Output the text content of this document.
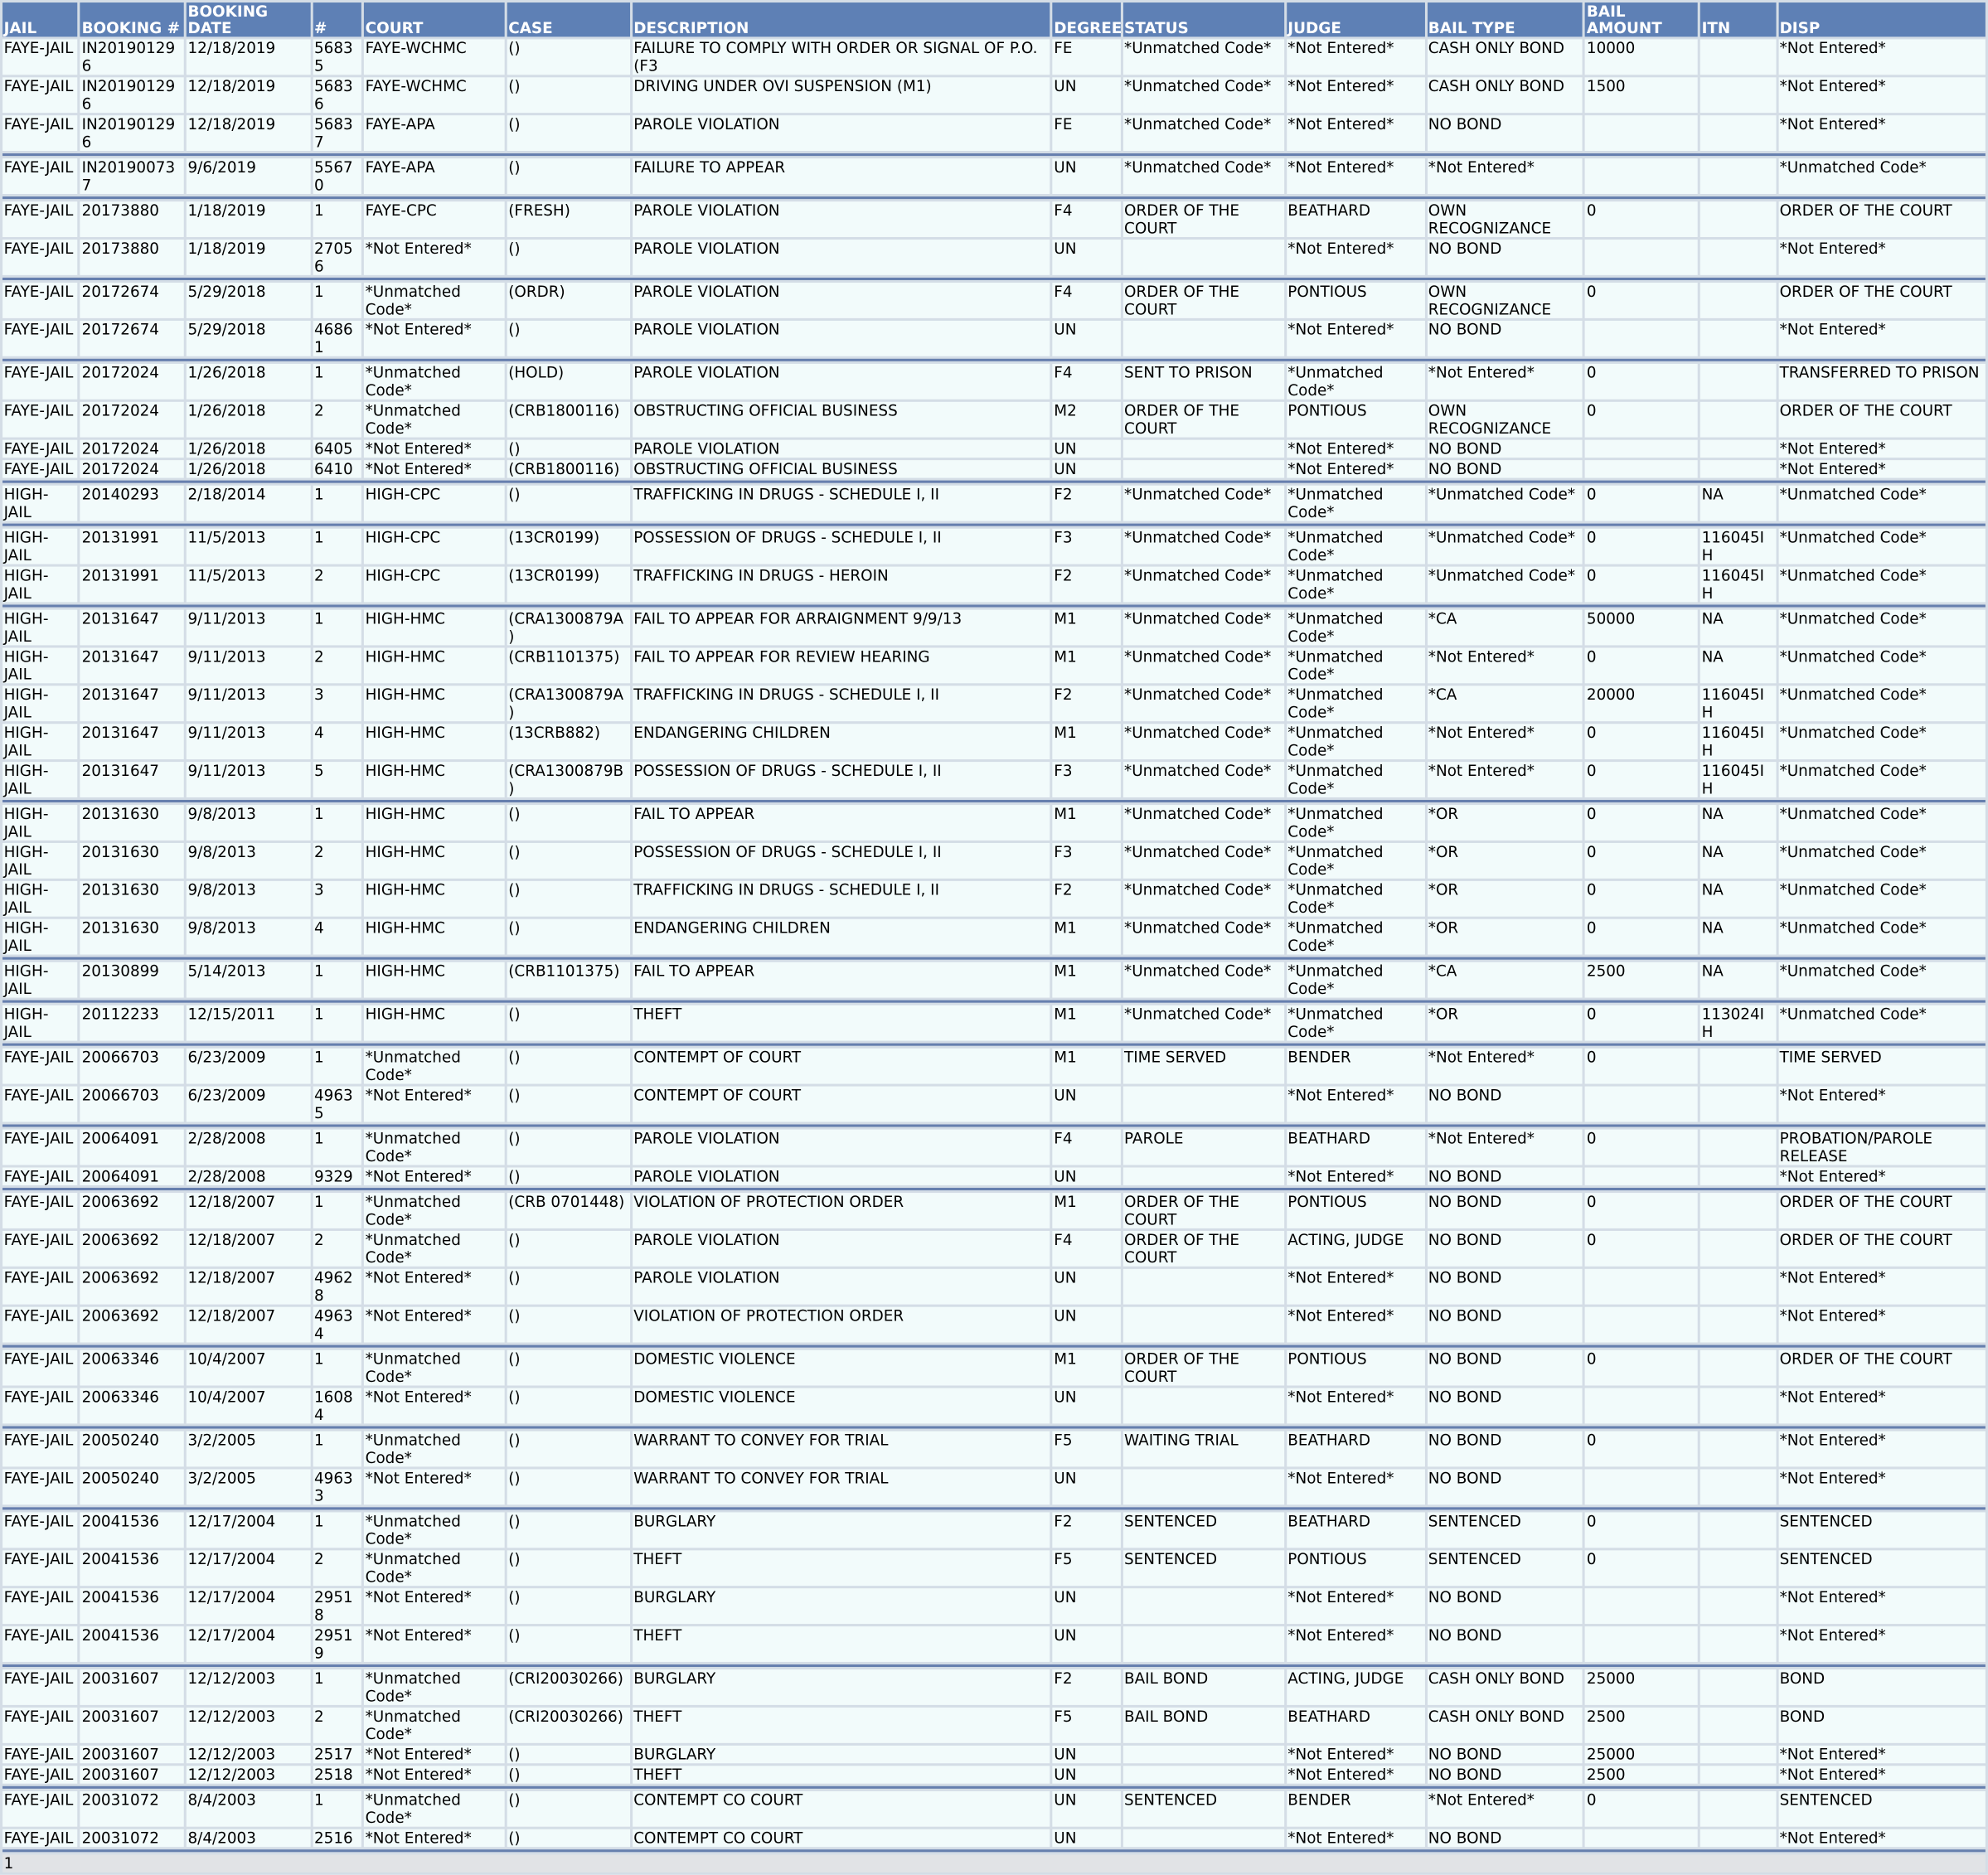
JAIL	BOOKING #	BOOKING DATE	#	COURT	CASE	DESCRIPTION	DEGREE	STATUS	JUDGE	BAIL TYPE	BAIL AMOUNT	ITN	DISP
FAYE-JAIL	IN201901296	12/18/2019	56835	FAYE-WCHMC	()	FAILURE TO COMPLY WITH ORDER OR SIGNAL OF P.O. (F3	FE	*Unmatched Code*	*Not Entered*	CASH ONLY BOND	10000		*Not Entered*
FAYE-JAIL	IN201901296	12/18/2019	56836	FAYE-WCHMC	()	DRIVING UNDER OVI SUSPENSION (M1)	UN	*Unmatched Code*	*Not Entered*	CASH ONLY BOND	1500		*Not Entered*
FAYE-JAIL	IN201901296	12/18/2019	56837	FAYE-APA	()	PAROLE VIOLATION	FE	*Unmatched Code*	*Not Entered*	NO BOND			*Not Entered*

FAYE-JAIL	IN201900737	9/6/2019	55670	FAYE-APA	()	FAILURE TO APPEAR	UN	*Unmatched Code*	*Not Entered*	*Not Entered*			*Unmatched Code*

FAYE-JAIL	20173880	1/18/2019	1	FAYE-CPC	(FRESH)	PAROLE VIOLATION	F4	ORDER OF THE COURT	BEATHARD	OWN RECOGNIZANCE	0		ORDER OF THE COURT
FAYE-JAIL	20173880	1/18/2019	27056	*Not Entered*	()	PAROLE VIOLATION	UN		*Not Entered*	NO BOND			*Not Entered*

FAYE-JAIL	20172674	5/29/2018	1	*Unmatched Code*	(ORDR)	PAROLE VIOLATION	F4	ORDER OF THE COURT	PONTIOUS	OWN RECOGNIZANCE	0		ORDER OF THE COURT
FAYE-JAIL	20172674	5/29/2018	46861	*Not Entered*	()	PAROLE VIOLATION	UN		*Not Entered*	NO BOND			*Not Entered*

FAYE-JAIL	20172024	1/26/2018	1	*Unmatched Code*	(HOLD)	PAROLE VIOLATION	F4	SENT TO PRISON	*Unmatched Code*	*Not Entered*	0		TRANSFERRED TO PRISON
FAYE-JAIL	20172024	1/26/2018	2	*Unmatched Code*	(CRB1800116)	OBSTRUCTING OFFICIAL BUSINESS	M2	ORDER OF THE COURT	PONTIOUS	OWN RECOGNIZANCE	0		ORDER OF THE COURT
FAYE-JAIL	20172024	1/26/2018	6405	*Not Entered*	()	PAROLE VIOLATION	UN		*Not Entered*	NO BOND			*Not Entered*
FAYE-JAIL	20172024	1/26/2018	6410	*Not Entered*	(CRB1800116)	OBSTRUCTING OFFICIAL BUSINESS	UN		*Not Entered*	NO BOND			*Not Entered*

HIGH-JAIL	20140293	2/18/2014	1	HIGH-CPC	()	TRAFFICKING IN DRUGS - SCHEDULE I, II	F2	*Unmatched Code*	*Unmatched Code*	*Unmatched Code*	0	NA	*Unmatched Code*

HIGH-JAIL	20131991	11/5/2013	1	HIGH-CPC	(13CR0199)	POSSESSION OF DRUGS - SCHEDULE I, II	F3	*Unmatched Code*	*Unmatched Code*	*Unmatched Code*	0	116045IH	*Unmatched Code*
HIGH-JAIL	20131991	11/5/2013	2	HIGH-CPC	(13CR0199)	TRAFFICKING IN DRUGS - HEROIN	F2	*Unmatched Code*	*Unmatched Code*	*Unmatched Code*	0	116045IH	*Unmatched Code*

HIGH-JAIL	20131647	9/11/2013	1	HIGH-HMC	(CRA1300879A)	FAIL TO APPEAR FOR ARRAIGNMENT 9/9/13	M1	*Unmatched Code*	*Unmatched Code*	*CA	50000	NA	*Unmatched Code*
HIGH-JAIL	20131647	9/11/2013	2	HIGH-HMC	(CRB1101375)	FAIL TO APPEAR FOR REVIEW HEARING	M1	*Unmatched Code*	*Unmatched Code*	*Not Entered*	0	NA	*Unmatched Code*
HIGH-JAIL	20131647	9/11/2013	3	HIGH-HMC	(CRA1300879A)	TRAFFICKING IN DRUGS - SCHEDULE I, II	F2	*Unmatched Code*	*Unmatched Code*	*CA	20000	116045IH	*Unmatched Code*
HIGH-JAIL	20131647	9/11/2013	4	HIGH-HMC	(13CRB882)	ENDANGERING CHILDREN	M1	*Unmatched Code*	*Unmatched Code*	*Not Entered*	0	116045IH	*Unmatched Code*
HIGH-JAIL	20131647	9/11/2013	5	HIGH-HMC	(CRA1300879B)	POSSESSION OF DRUGS - SCHEDULE I, II	F3	*Unmatched Code*	*Unmatched Code*	*Not Entered*	0	116045IH	*Unmatched Code*

HIGH-JAIL	20131630	9/8/2013	1	HIGH-HMC	()	FAIL TO APPEAR	M1	*Unmatched Code*	*Unmatched Code*	*OR	0	NA	*Unmatched Code*
HIGH-JAIL	20131630	9/8/2013	2	HIGH-HMC	()	POSSESSION OF DRUGS - SCHEDULE I, II	F3	*Unmatched Code*	*Unmatched Code*	*OR	0	NA	*Unmatched Code*
HIGH-JAIL	20131630	9/8/2013	3	HIGH-HMC	()	TRAFFICKING IN DRUGS - SCHEDULE I, II	F2	*Unmatched Code*	*Unmatched Code*	*OR	0	NA	*Unmatched Code*
HIGH-JAIL	20131630	9/8/2013	4	HIGH-HMC	()	ENDANGERING CHILDREN	M1	*Unmatched Code*	*Unmatched Code*	*OR	0	NA	*Unmatched Code*

HIGH-JAIL	20130899	5/14/2013	1	HIGH-HMC	(CRB1101375)	FAIL TO APPEAR	M1	*Unmatched Code*	*Unmatched Code*	*CA	2500	NA	*Unmatched Code*

HIGH-JAIL	20112233	12/15/2011	1	HIGH-HMC	()	THEFT	M1	*Unmatched Code*	*Unmatched Code*	*OR	0	113024IH	*Unmatched Code*

FAYE-JAIL	20066703	6/23/2009	1	*Unmatched Code*	()	CONTEMPT OF COURT	M1	TIME SERVED	BENDER	*Not Entered*	0		TIME SERVED
FAYE-JAIL	20066703	6/23/2009	49635	*Not Entered*	()	CONTEMPT OF COURT	UN		*Not Entered*	NO BOND			*Not Entered*

FAYE-JAIL	20064091	2/28/2008	1	*Unmatched Code*	()	PAROLE VIOLATION	F4	PAROLE	BEATHARD	*Not Entered*	0		PROBATION/PAROLE RELEASE
FAYE-JAIL	20064091	2/28/2008	9329	*Not Entered*	()	PAROLE VIOLATION	UN		*Not Entered*	NO BOND			*Not Entered*

FAYE-JAIL	20063692	12/18/2007	1	*Unmatched Code*	(CRB 0701448)	VIOLATION OF PROTECTION ORDER	M1	ORDER OF THE COURT	PONTIOUS	NO BOND	0		ORDER OF THE COURT
FAYE-JAIL	20063692	12/18/2007	2	*Unmatched Code*	()	PAROLE VIOLATION	F4	ORDER OF THE COURT	ACTING, JUDGE	NO BOND	0		ORDER OF THE COURT
FAYE-JAIL	20063692	12/18/2007	49628	*Not Entered*	()	PAROLE VIOLATION	UN		*Not Entered*	NO BOND			*Not Entered*
FAYE-JAIL	20063692	12/18/2007	49634	*Not Entered*	()	VIOLATION OF PROTECTION ORDER	UN		*Not Entered*	NO BOND			*Not Entered*

FAYE-JAIL	20063346	10/4/2007	1	*Unmatched Code*	()	DOMESTIC VIOLENCE	M1	ORDER OF THE COURT	PONTIOUS	NO BOND	0		ORDER OF THE COURT
FAYE-JAIL	20063346	10/4/2007	16084	*Not Entered*	()	DOMESTIC VIOLENCE	UN		*Not Entered*	NO BOND			*Not Entered*

FAYE-JAIL	20050240	3/2/2005	1	*Unmatched Code*	()	WARRANT TO CONVEY FOR TRIAL	F5	WAITING TRIAL	BEATHARD	NO BOND	0		*Not Entered*
FAYE-JAIL	20050240	3/2/2005	49633	*Not Entered*	()	WARRANT TO CONVEY FOR TRIAL	UN		*Not Entered*	NO BOND			*Not Entered*

FAYE-JAIL	20041536	12/17/2004	1	*Unmatched Code*	()	BURGLARY	F2	SENTENCED	BEATHARD	SENTENCED	0		SENTENCED
FAYE-JAIL	20041536	12/17/2004	2	*Unmatched Code*	()	THEFT	F5	SENTENCED	PONTIOUS	SENTENCED	0		SENTENCED
FAYE-JAIL	20041536	12/17/2004	29518	*Not Entered*	()	BURGLARY	UN		*Not Entered*	NO BOND			*Not Entered*
FAYE-JAIL	20041536	12/17/2004	29519	*Not Entered*	()	THEFT	UN		*Not Entered*	NO BOND			*Not Entered*

FAYE-JAIL	20031607	12/12/2003	1	*Unmatched Code*	(CRI20030266)	BURGLARY	F2	BAIL BOND	ACTING, JUDGE	CASH ONLY BOND	25000		BOND
FAYE-JAIL	20031607	12/12/2003	2	*Unmatched Code*	(CRI20030266)	THEFT	F5	BAIL BOND	BEATHARD	CASH ONLY BOND	2500		BOND
FAYE-JAIL	20031607	12/12/2003	2517	*Not Entered*	()	BURGLARY	UN		*Not Entered*	NO BOND	25000		*Not Entered*
FAYE-JAIL	20031607	12/12/2003	2518	*Not Entered*	()	THEFT	UN		*Not Entered*	NO BOND	2500		*Not Entered*

FAYE-JAIL	20031072	8/4/2003	1	*Unmatched Code*	()	CONTEMPT CO COURT	UN	SENTENCED	BENDER	*Not Entered*	0		SENTENCED
FAYE-JAIL	20031072	8/4/2003	2516	*Not Entered*	()	CONTEMPT CO COURT	UN		*Not Entered*	NO BOND			*Not Entered*

1													
